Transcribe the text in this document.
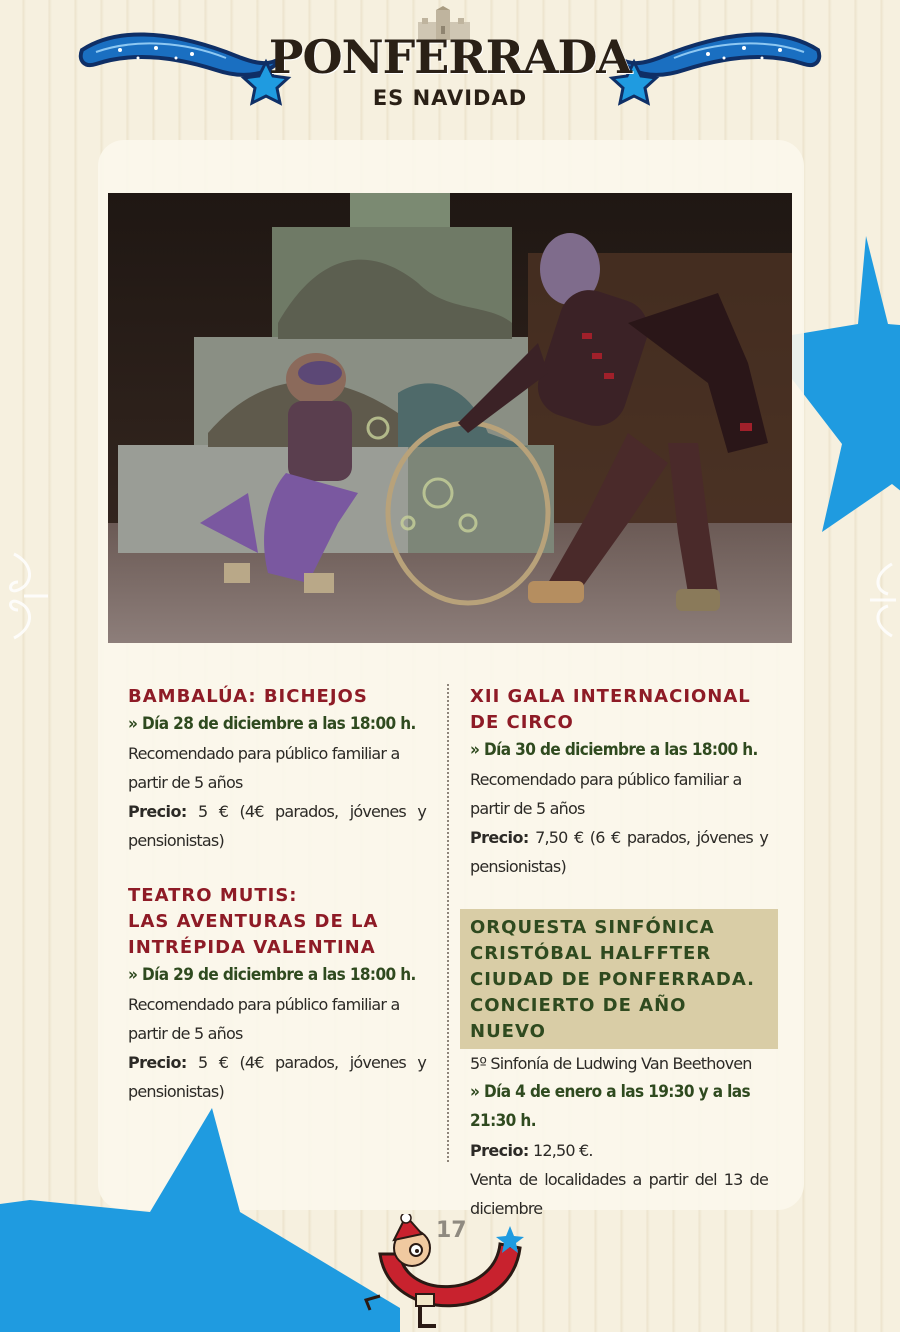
PONFERRADA
ES NAVIDAD
BAMBALÚA: BICHEJOS
» Día 28 de diciembre a las 18:00 h.
Recomendado para público familiar a partir de 5 años
Precio: 5 € (4€ parados, jóvenes y pensionistas)
TEATRO MUTIS:
LAS AVENTURAS DE LA
INTRÉPIDA VALENTINA
» Día 29 de diciembre a las 18:00 h.
Recomendado para público familiar a partir de 5 años
Precio: 5 € (4€ parados, jóvenes y pensionistas)
XII GALA INTERNACIONAL
DE CIRCO
» Día 30 de diciembre a las 18:00 h.
Recomendado para público familiar a partir de 5 años
Precio: 7,50 € (6 € parados, jóvenes y pensionistas)
ORQUESTA SINFÓNICA
CRISTÓBAL HALFFTER
CIUDAD DE PONFERRADA.
CONCIERTO DE AÑO NUEVO
5º Sinfonía de Ludwing Van Beethoven
» Día 4 de enero a las 19:30 y a las 21:30 h.
Precio: 12,50 €.
Venta de localidades a partir del 13 de diciembre
17
